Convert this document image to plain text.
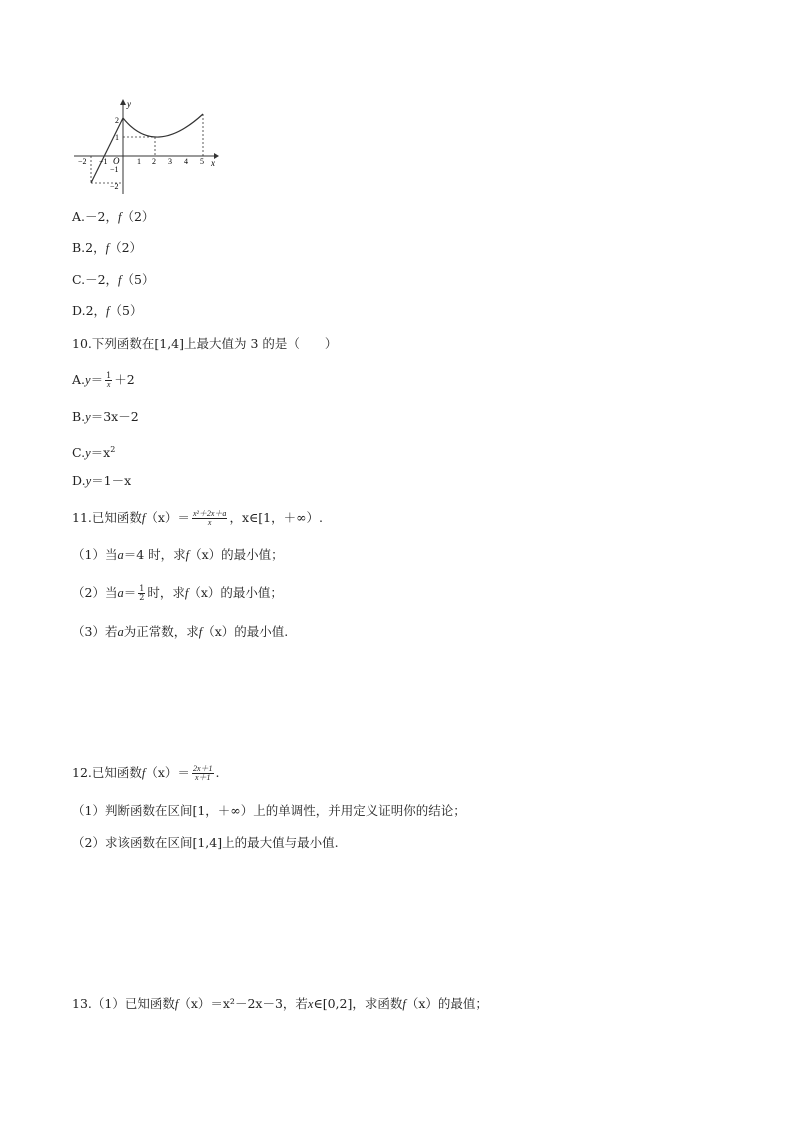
y
x
O
−2 −1	1 2 3 4 5
2
1
−1
−2
A.－2，f（2）
B.2，f（2）
C.－2，f（5）
D.2，f（5）
10.下列函数在[1,4]上最大值为 3 的是（　　）
$A.y= \frac{1}{x} +2$
B.y＝3x－2
$C.y=x^2$
D.y＝1－x
11.已知函数$f(x)= \frac{\text{x²＋2x＋a}}{x}$ ，x∈[1，＋∞）.
（1）当a＝4 时，求f（x）的最小值；
（2）当$a= \frac{1}{2}$ 时，求f（x）的最小值；
（3）若a为正常数，求f（x）的最小值.
12.已知函数$f(x)= \frac{2x+1}{x+1}$ .
（1）判断函数在区间[1，＋∞）上的单调性，并用定义证明你的结论；
（2）求该函数在区间[1,4]上的最大值与最小值.
13.（1）已知函数f（x）＝x²－2x－3，若x∈[0,2]，求函数f（x）的最值；
